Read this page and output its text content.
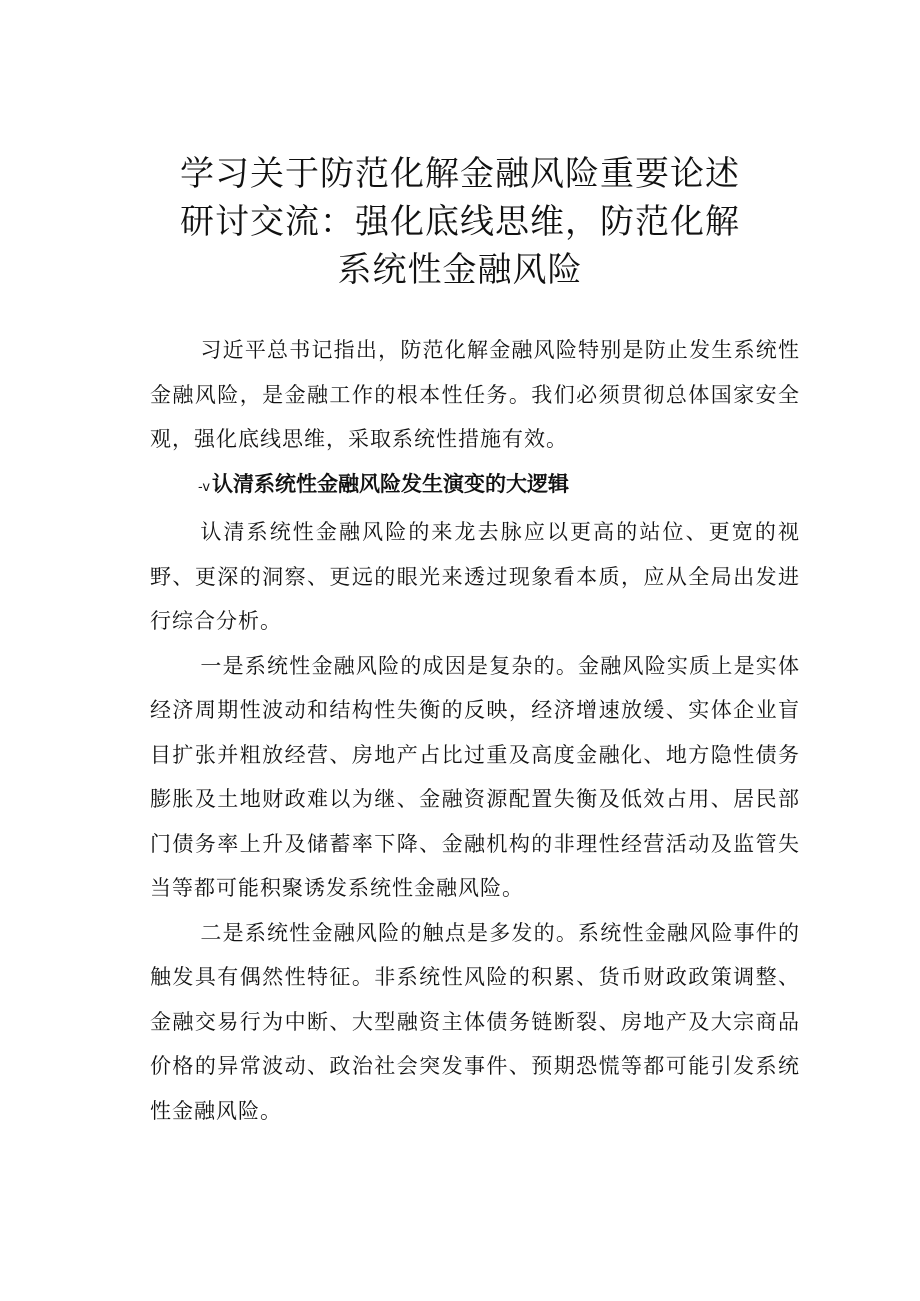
学习关于防范化解金融风险重要论述
研讨交流：强化底线思维，防范化解
系统性金融风险

习近平总书记指出，防范化解金融风险特别是防止发生系统性金融风险，是金融工作的根本性任务。我们必须贯彻总体国家安全观，强化底线思维，采取系统性措施有效。

-v认清系统性金融风险发生演变的大逻辑

认清系统性金融风险的来龙去脉应以更高的站位、更宽的视野、更深的洞察、更远的眼光来透过现象看本质，应从全局出发进行综合分析。

一是系统性金融风险的成因是复杂的。金融风险实质上是实体经济周期性波动和结构性失衡的反映，经济增速放缓、实体企业盲目扩张并粗放经营、房地产占比过重及高度金融化、地方隐性债务膨胀及土地财政难以为继、金融资源配置失衡及低效占用、居民部门债务率上升及储蓄率下降、金融机构的非理性经营活动及监管失当等都可能积聚诱发系统性金融风险。

二是系统性金融风险的触点是多发的。系统性金融风险事件的触发具有偶然性特征。非系统性风险的积累、货币财政政策调整、金融交易行为中断、大型融资主体债务链断裂、房地产及大宗商品价格的异常波动、政治社会突发事件、预期恐慌等都可能引发系统性金融风险。
